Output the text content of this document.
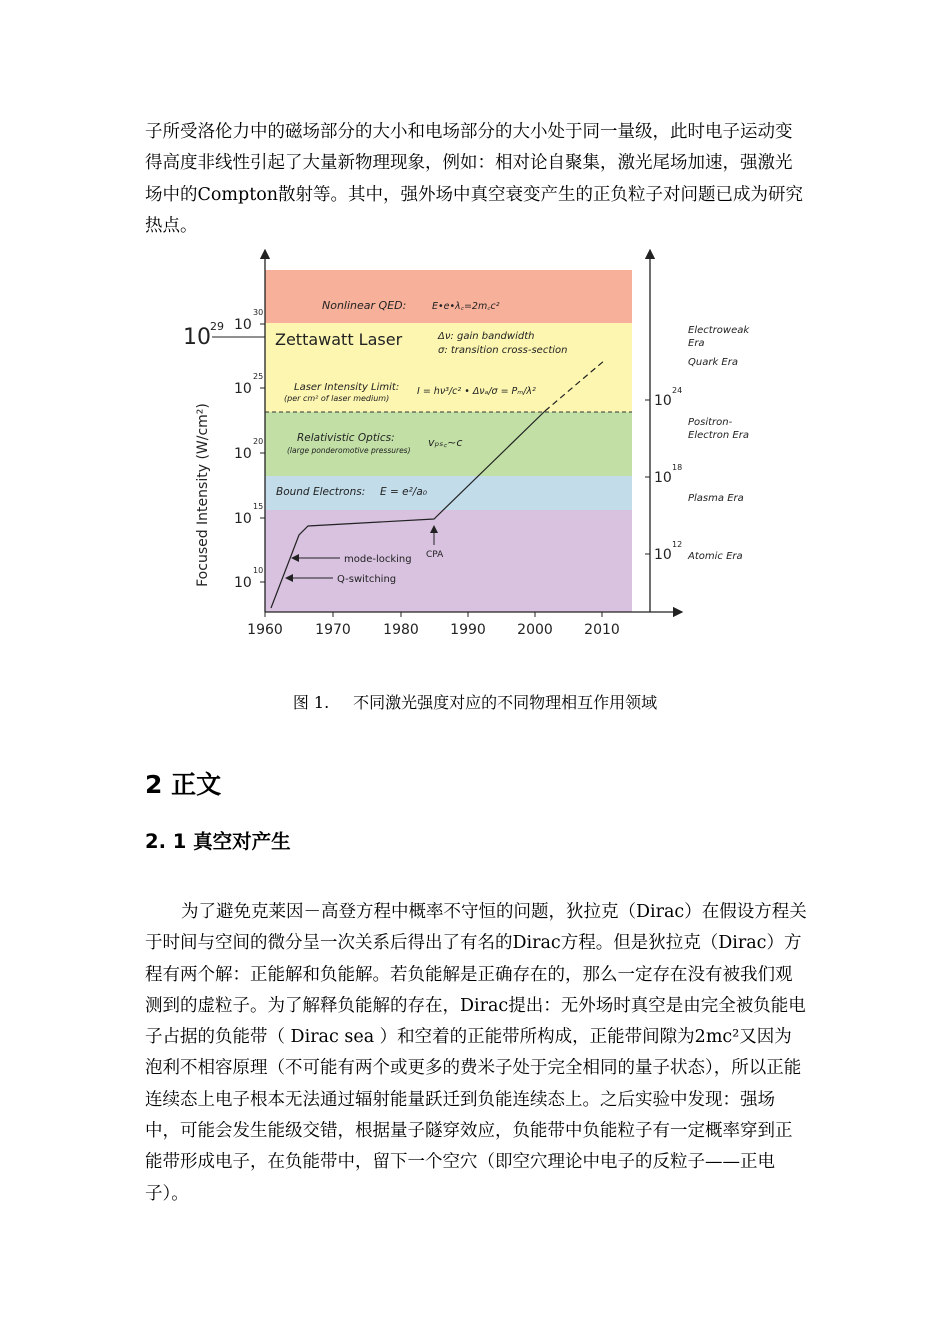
子所受洛伦力中的磁场部分的大小和电场部分的大小处于同一量级，此时电子运动变得高度非线性引起了大量新物理现象，例如：相对论自聚集，激光尾场加速，强激光场中的Compton散射等。其中，强外场中真空衰变产生的正负粒子对问题已成为研究热点。

Focused Intensity (W/cm²)
10
30
10
25
10
20
10
15
10
10
10 29
1960 1970 1980 1990 2000 2010
Nonlinear QED:	E•e•λ꜀=2m꜀c²
Zettawatt Laser	Δν: gain bandwidth
σ: transition cross-section
Laser Intensity Limit:
(per cm² of laser medium)
I = hν³/c² • Δνₐ/σ = Pₘ/λ²
Relativistic Optics:
(large ponderomotive pressures)
vₚₛ꜀~c
Bound Electrons: E = e²/a₀
mode-locking
Q-switching
CPA
10
24
10
18
10
12
Electroweak
Era
Quark Era
Positron-
Electron Era
Plasma Era
Atomic Era
图 1. 不同激光强度对应的不同物理相互作用领域
2 正文
2. 1 真空对产生

为了避免克莱因－高登方程中概率不守恒的问题，狄拉克（Dirac）在假设方程关于时间与空间的微分呈一次关系后得出了有名的Dirac方程。但是狄拉克（Dirac）方程有两个解：正能解和负能解。若负能解是正确存在的，那么一定存在没有被我们观测到的虚粒子。为了解释负能解的存在，Dirac提出：无外场时真空是由完全被负能电子占据的负能带（ Dirac sea ）和空着的正能带所构成，正能带间隙为2mc²又因为泡利不相容原理（不可能有两个或更多的费米子处于完全相同的量子状态），所以正能连续态上电子根本无法通过辐射能量跃迁到负能连续态上。之后实验中发现：强场中，可能会发生能级交错，根据量子隧穿效应，负能带中负能粒子有一定概率穿到正能带形成电子，在负能带中，留下一个空穴（即空穴理论中电子的反粒子——正电子）。
